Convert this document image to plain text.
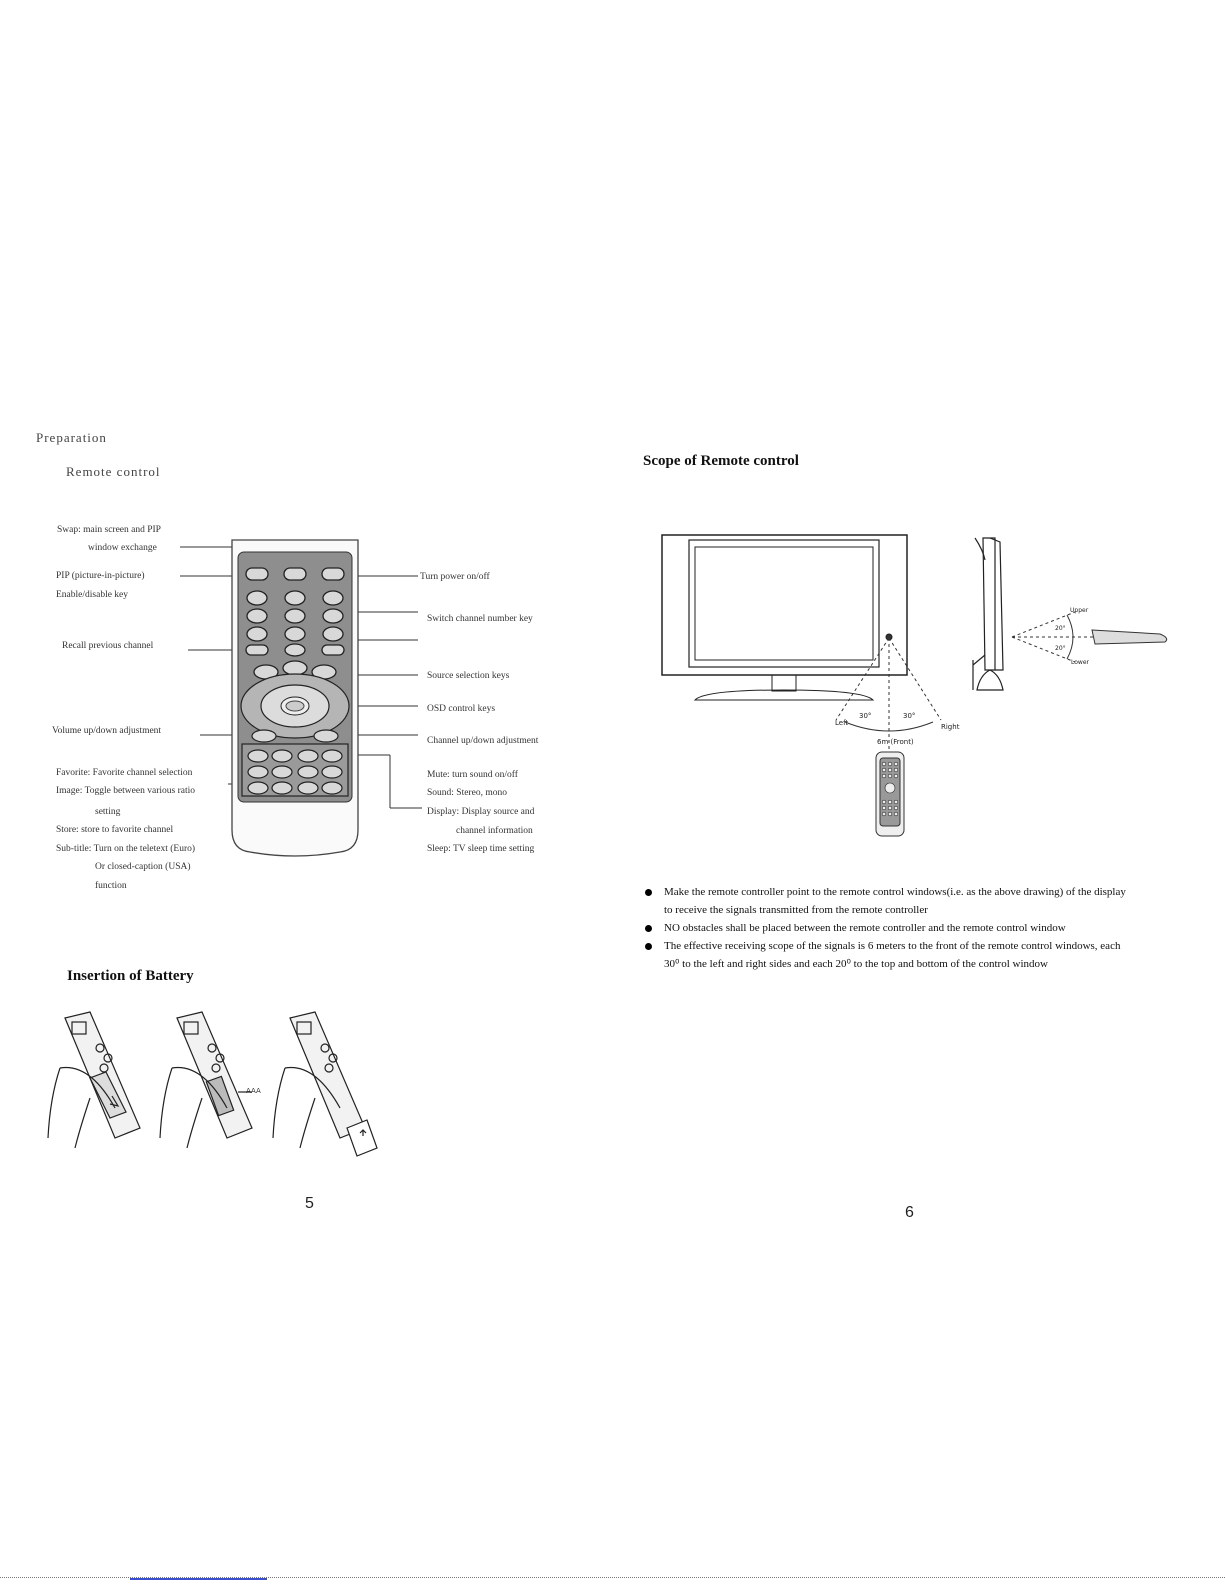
Preparation
Remote control
Swap: main screen and PIP
window exchange
PIP (picture-in-picture)
Enable/disable key
Recall previous channel
Volume up/down adjustment
Favorite: Favorite channel selection
Image: Toggle between various ratio
setting
Store: store to favorite channel
Sub-title: Turn on the teletext (Euro)
Or closed-caption (USA)
function
Turn power on/off
Switch channel number key
Source selection keys
OSD control keys
Channel up/down adjustment
Mute: turn sound on/off
Sound: Stereo, mono
Display: Display source and
channel information
Sleep: TV sleep time setting
Insertion of Battery
AAA
5
Scope of Remote control
Left	Right
30°	30°
6m (Front)
Upper
Lower
20°
20°
Make the remote controller point to the remote control windows(i.e. as the above drawing) of the display
to receive the signals transmitted from the remote controller
NO obstacles shall be placed between the remote controller and the remote control window
The effective receiving scope of the signals is 6 meters to the front of the remote control windows, each
30⁰ to the left and right sides and each 20⁰ to the top and bottom of the control window
6
